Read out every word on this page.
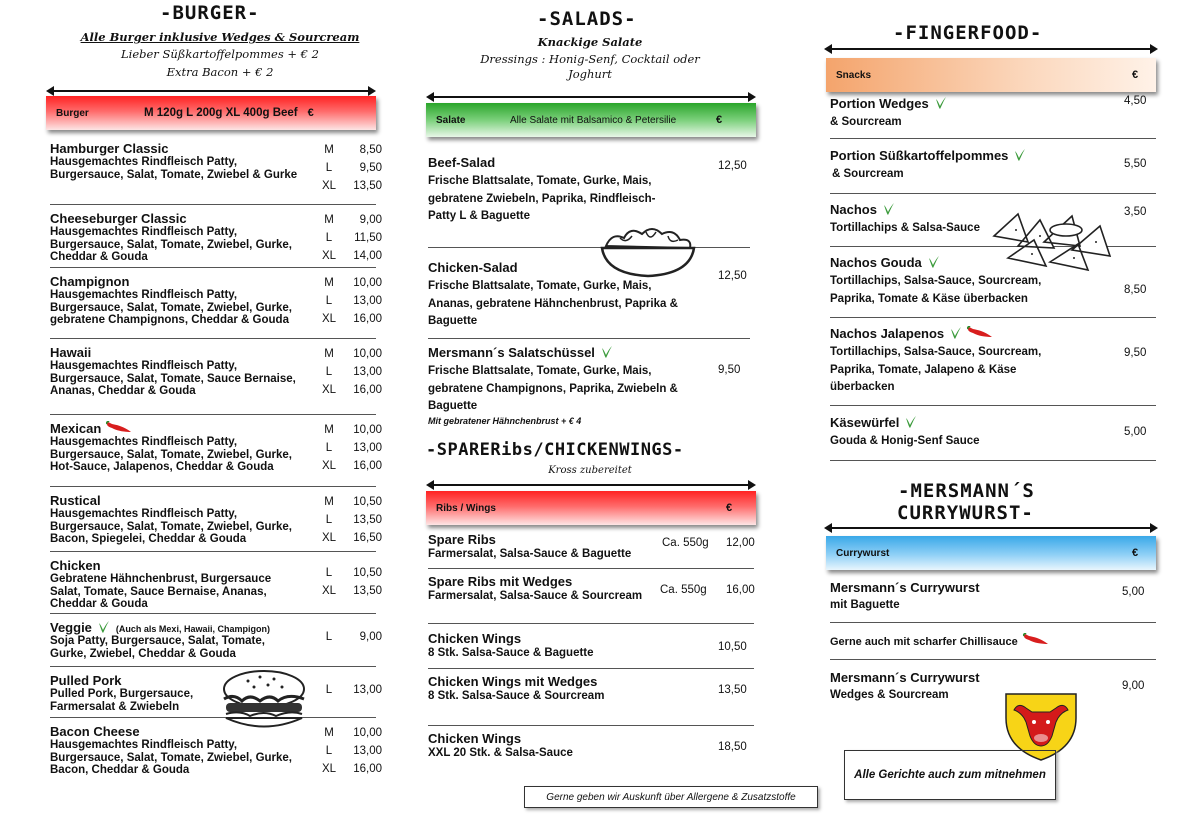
-BURGER-
Alle Burger inklusive Wedges & Sourcream
Lieber Süßkartoffelpommes + € 2
Extra Bacon + € 2
Burger	M 120g L 200g XL 400g Beef €
Hamburger Classic
Hausgemachtes Rindfleisch Patty, Burgersauce, Salat, Tomate, Zwiebel & Gurke
M	8,50
L	9,50
XL	13,50
Cheeseburger Classic
Hausgemachtes Rindfleisch Patty, Burgersauce, Salat, Tomate, Zwiebel, Gurke, Cheddar & Gouda
M	9,00
L	11,50
XL	14,00
Champignon
Hausgemachtes Rindfleisch Patty, Burgersauce, Salat, Tomate, Zwiebel, Gurke, gebratene Champignons, Cheddar & Gouda
M	10,00
L	13,00
XL	16,00
Hawaii
Hausgemachtes Rindfleisch Patty, Burgersauce, Salat, Tomate, Sauce Bernaise, Ananas, Cheddar & Gouda
M	10,00
L	13,00
XL	16,00
Mexican
Hausgemachtes Rindfleisch Patty, Burgersauce, Salat, Tomate, Zwiebel, Gurke, Hot-Sauce, Jalapenos, Cheddar & Gouda
M	10,00
L	13,00
XL	16,00
Rustical
Hausgemachtes Rindfleisch Patty, Burgersauce, Salat, Tomate, Zwiebel, Gurke, Bacon, Spiegelei, Cheddar & Gouda
M	10,50
L	13,50
XL	16,50
Chicken
Gebratene Hähnchenbrust, Burgersauce Salat, Tomate, Sauce Bernaise, Ananas, Cheddar & Gouda
L	10,50
XL	13,50
Veggie	(Auch als Mexi, Hawaii, Champigon)
Soja Patty, Burgersauce, Salat, Tomate, Gurke, Zwiebel, Cheddar & Gouda
L	9,00
Pulled Pork
Pulled Pork, Burgersauce, Farmersalat & Zwiebeln
L	13,00
Bacon Cheese
Hausgemachtes Rindfleisch Patty, Burgersauce, Salat, Tomate, Zwiebel, Gurke, Bacon, Cheddar & Gouda
M	10,00
L	13,00
XL	16,00
-SALADS-
Knackige Salate
Dressings : Honig-Senf, Cocktail oder Joghurt
Salate	Alle Salate mit Balsamico & Petersilie	€
Beef-Salad
Frische Blattsalate, Tomate, Gurke, Mais, gebratene Zwiebeln, Paprika, Rindfleisch-Patty L & Baguette
12,50
Chicken-Salad
Frische Blattsalate, Tomate, Gurke, Mais, Ananas, gebratene Hähnchenbrust, Paprika & Baguette
12,50
Mersmann´s Salatschüssel
Frische Blattsalate, Tomate, Gurke, Mais, gebratene Champignons, Paprika, Zwiebeln & Baguette
Mit gebratener Hähnchenbrust + € 4
9,50
-SPARERibs/CHICKENWINGS-
Kross zubereitet
Ribs / Wings	€
Spare Ribs
Farmersalat, Salsa-Sauce & Baguette
Ca. 550g 12,00
Spare Ribs mit Wedges
Farmersalat, Salsa-Sauce & Sourcream	Ca. 550g 16,00
Chicken Wings
8 Stk. Salsa-Sauce & Baguette	10,50
Chicken Wings mit Wedges
8 Stk. Salsa-Sauce & Sourcream	13,50
Chicken Wings
XXL 20 Stk. & Salsa-Sauce	18,50
Gerne geben wir Auskunft über Allergene & Zusatzstoffe
-FINGERFOOD-
Snacks	€
Portion Wedges
& Sourcream
4,50
Portion Süßkartoffelpommes
& Sourcream
5,50
Nachos
Tortillachips & Salsa-Sauce
3,50
Nachos Gouda
Tortillachips, Salsa-Sauce, Sourcream, Paprika, Tomate & Käse überbacken
8,50
Nachos Jalapenos
Tortillachips, Salsa-Sauce, Sourcream, Paprika, Tomate, Jalapeno & Käse überbacken
9,50
Käsewürfel
Gouda & Honig-Senf Sauce
5,00
-MERSMANN´S
CURRYWURST-
Currywurst	€
Mersmann´s Currywurst
mit Baguette
5,00
Mersmann´s Currywurst
Wedges & Sourcream
9,00
Gerne auch mit scharfer Chillisauce
Alle Gerichte auch zum mitnehmen
